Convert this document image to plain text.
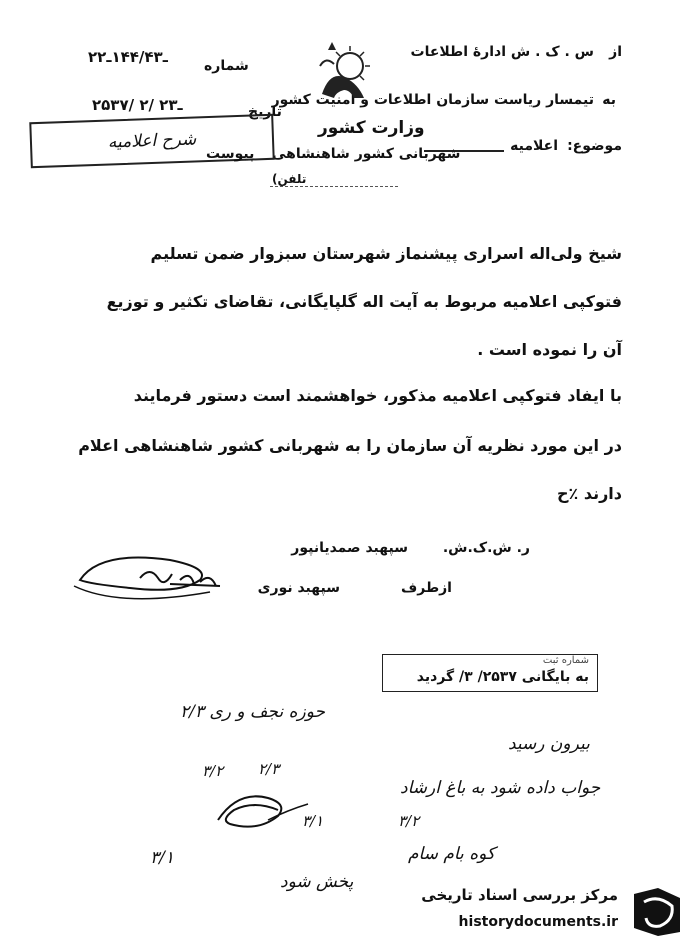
از
س ‌. ‌ک ‌. ‌ش ادارهٔ اطلاعات
به
تیمسار ریاست سازمان اطلاعات و امنیت کشور
موضوع:
اعلامیه
وزارت کشور
شهربانی کشور شاهنشاهی
(تلفن
شماره
۲ـ۱۴۴/۴۳ـ۲
تاریخ
۲۵۳۷/ ۲/ ۲ـ۳
شرح اعلامیه
پیوست
شیخ ولی‌اله اسراری پیشنماز شهرستان سبزوار ضمن تسلیم
فتوکپی اعلامیه مربوط به آیت اله گلپایگانی، تقاضای تکثیر و توزیع
آن را نموده است .
با ایفاد فتوکپی اعلامیه مذکور، خواهشمند است دستور فرمایند
در این مورد نظریه آن سازمان را به شهربانی کشور شاهنشاهی اعلام
دارند ٪ح
ر. ش.ک.ش.
سپهبد صمدیانپور
ازطرف
سپهبد نوری
شماره ثبت
به بایگانی ۲۵۳۷/ ۳/ گردید
حوزه نجف و ری ۲/۳
بیرون رسید
جواب داده شود به باغ ارشاد
۳/۲ ۲/۳
۳/۱
کوه بام سام
۳/۲
پخش شود
۳/۱
مرکز بررسی اسناد تاریخی
historydocuments.ir
